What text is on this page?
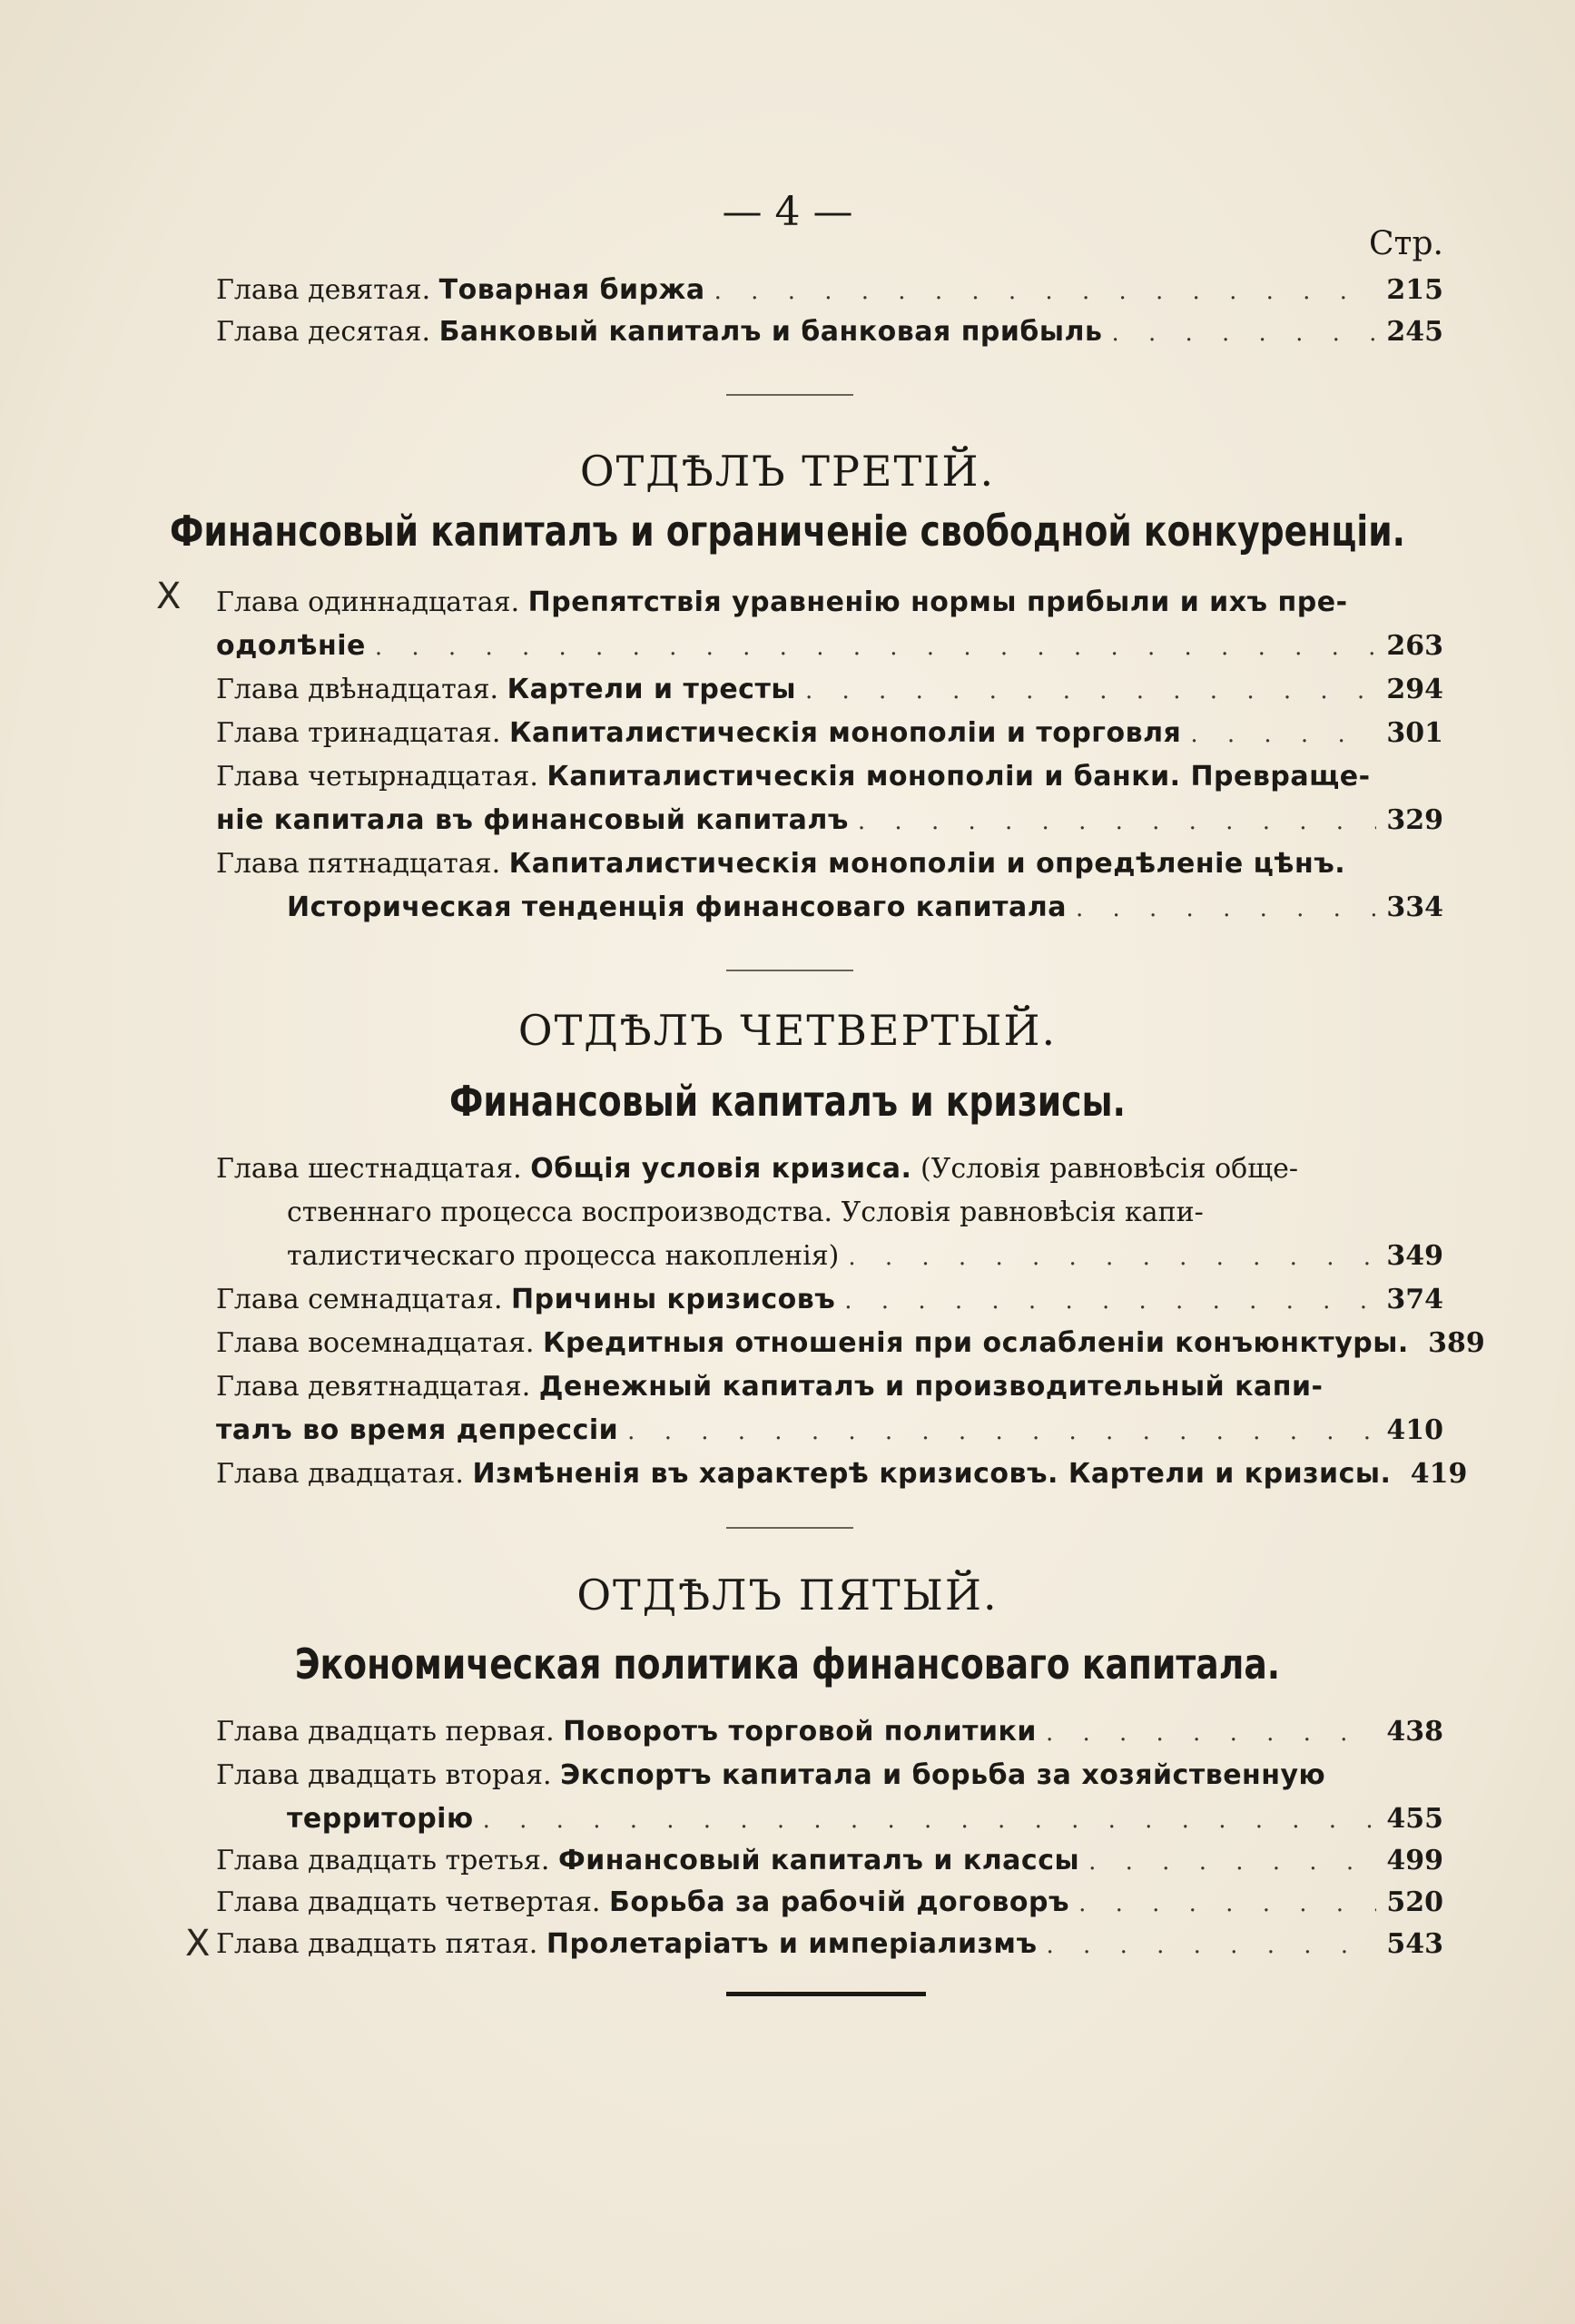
— 4 —
Стр.
Глава девятая. Товарная биржа . . .	215
Глава десятая. Банковый капиталъ и банковая прибыль . . .	245
ОТДѢЛЪ ТРЕТІЙ.
Финансовый капиталъ и ограниченіе свободной конкуренціи.
Х Глава одиннадцатая. Препятствія уравненію нормы прибыли и ихъ пре-
одолѣніе . . .	263
Глава двѣнадцатая. Картели и тресты . . .	294
Глава тринадцатая. Капиталистическія монополіи и торговля . . .	301
Глава четырнадцатая. Капиталистическія монополіи и банки. Превраще-
ніе капитала въ финансовый капиталъ . . .	329
Глава пятнадцатая. Капиталистическія монополіи и опредѣленіе цѣнъ.
Историческая тенденція финансоваго капитала . . .	334
ОТДѢЛЪ ЧЕТВЕРТЫЙ.
Финансовый капиталъ и кризисы.
Глава шестнадцатая. Общія условія кризиса. (Условія равновѣсія обще-
ственнаго процесса воспроизводства. Условія равновѣсія капи-
талистическаго процесса накопленія) . . .	349
Глава семнадцатая. Причины кризисовъ . . .	374
Глава восемнадцатая. Кредитныя отношенія при ослабленіи конъюнктуры. 389
Глава девятнадцатая. Денежный капиталъ и производительный капи-
талъ во время депрессіи . . .	410
Глава двадцатая. Измѣненія въ характерѣ кризисовъ. Картели и кризисы. 419
ОТДѢЛЪ ПЯТЫЙ.
Экономическая политика финансоваго капитала.
Глава двадцать первая. Поворотъ торговой политики . . .	438
Глава двадцать вторая. Экспортъ капитала и борьба за хозяйственную
территорію . . .	455
Глава двадцать третья. Финансовый капиталъ и классы . . .	499
Глава двадцать четвертая. Борьба за рабочій договоръ . . .	520
Х Глава двадцать пятая. Пролетаріатъ и имперіализмъ . . .	543
